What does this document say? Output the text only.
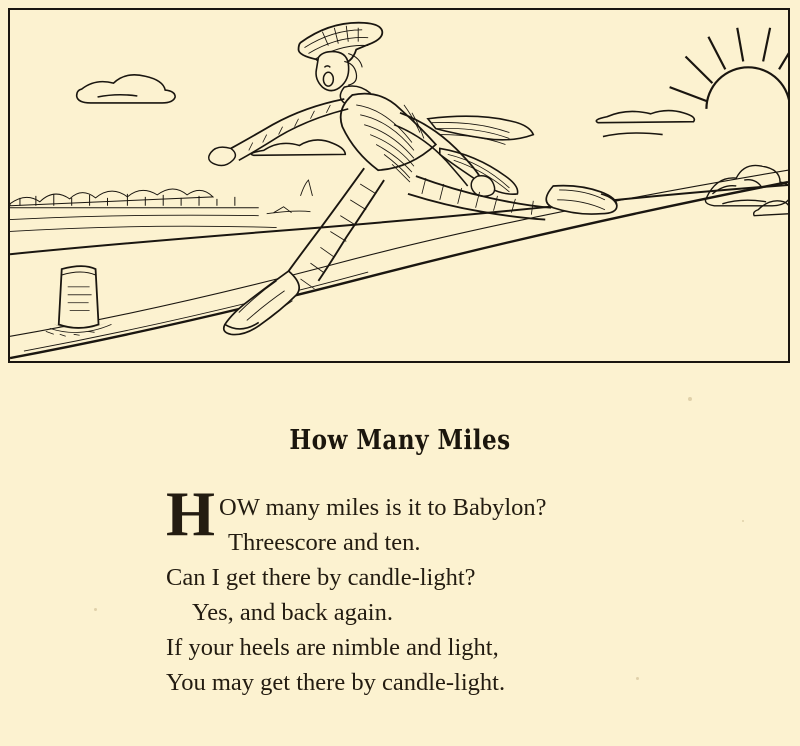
How Many Miles
H OW many miles is it to Babylon?
Threescore and ten.
Can I get there by candle-light?
Yes, and back again.
If your heels are nimble and light,
You may get there by candle-light.
